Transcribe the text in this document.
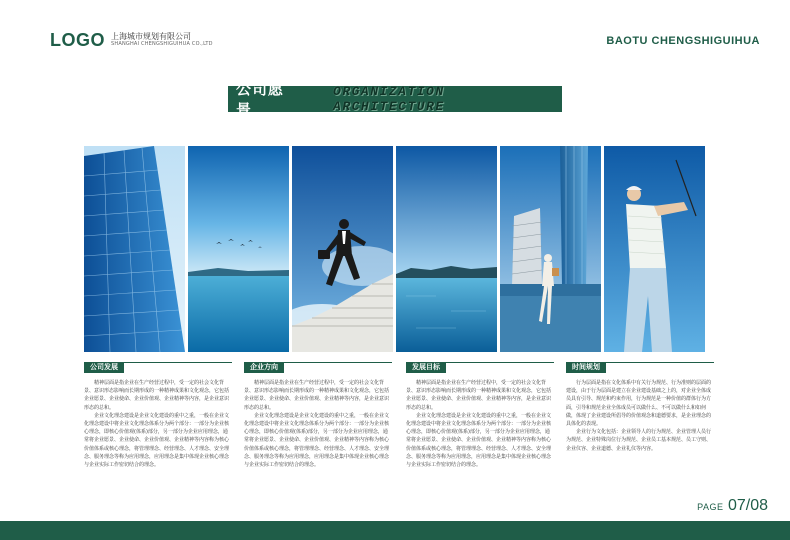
LOGO 上海城市规划有限公司
SHANGHAI CHENGSHIGUIHUA CO.,LTD	BAOTU CHENGSHIGUIHUA
公司愿景
ORGANIZATION ARCHITECTURE
公司发展

精神层面是指企业在生产经营过程中，受一定的社会文化背景、意识形态影响而长期形成的一种精神成果和文化观念，它包括企业愿景、企业使命、企业价值观、企业精神等内容，是企业意识形态的总和。

企业文化理念建设是企业文化建设的重中之重，一般在企业文化理念建设中将企业文化理念体系分为两个部分：一部分为企业核心理念，即核心价值观(体系)部分，另一部分为企业应用理念，通常将企业愿景、企业使命、企业价值观、企业精神等内容称为核心价值体系或核心理念，将管理理念、经营理念、人才理念、安全理念、服务理念等称为应用理念，应用理念是集中体现企业核心理念与企业实际工作密切结合的理念。

企业方向

精神层面是指企业在生产经营过程中，受一定的社会文化背景、意识形态影响而长期形成的一种精神成果和文化观念，它包括企业愿景、企业使命、企业价值观、企业精神等内容，是企业意识形态的总和。

企业文化理念建设是企业文化建设的重中之重，一般在企业文化理念建设中将企业文化理念体系分为两个部分：一部分为企业核心理念，即核心价值观(体系)部分，另一部分为企业应用理念，通常将企业愿景、企业使命、企业价值观、企业精神等内容称为核心价值体系或核心理念，将管理理念、经营理念、人才理念、安全理念、服务理念等称为应用理念，应用理念是集中体现企业核心理念与企业实际工作密切结合的理念。

发展目标

精神层面是指企业在生产经营过程中，受一定的社会文化背景、意识形态影响而长期形成的一种精神成果和文化观念，它包括企业愿景、企业使命、企业价值观、企业精神等内容，是企业意识形态的总和。

企业文化理念建设是企业文化建设的重中之重，一般在企业文化理念建设中将企业文化理念体系分为两个部分：一部分为企业核心理念，即核心价值观(体系)部分，另一部分为企业应用理念，通常将企业愿景、企业使命、企业价值观、企业精神等内容称为核心价值体系或核心理念，将管理理念、经营理念、人才理念、安全理念、服务理念等称为应用理念，应用理念是集中体现企业核心理念与企业实际工作密切结合的理念。

时间规划

行为层面是指在文化体系中有关行为规范、行为准则的层面的建设，由于行为层面是建立在企业建设基础之上的，对企业全体成员具有引导、规范和约束作用，行为规范是一种价值的群体行为方面，引导和规范企业全体成员可以做什么、不可以做什么和如何做，体现了企业建设所倡导的价值观念和道德要求，是企业理念的具体化的表现。

企业行为文化包括：企业领导人的行为规范、企业管理人员行为规范、企业特殊岗位行为规范、企业员工基本规范、员工守则、企业仪容、企业道德、企业礼仪等内容。

PAGE 07/08
